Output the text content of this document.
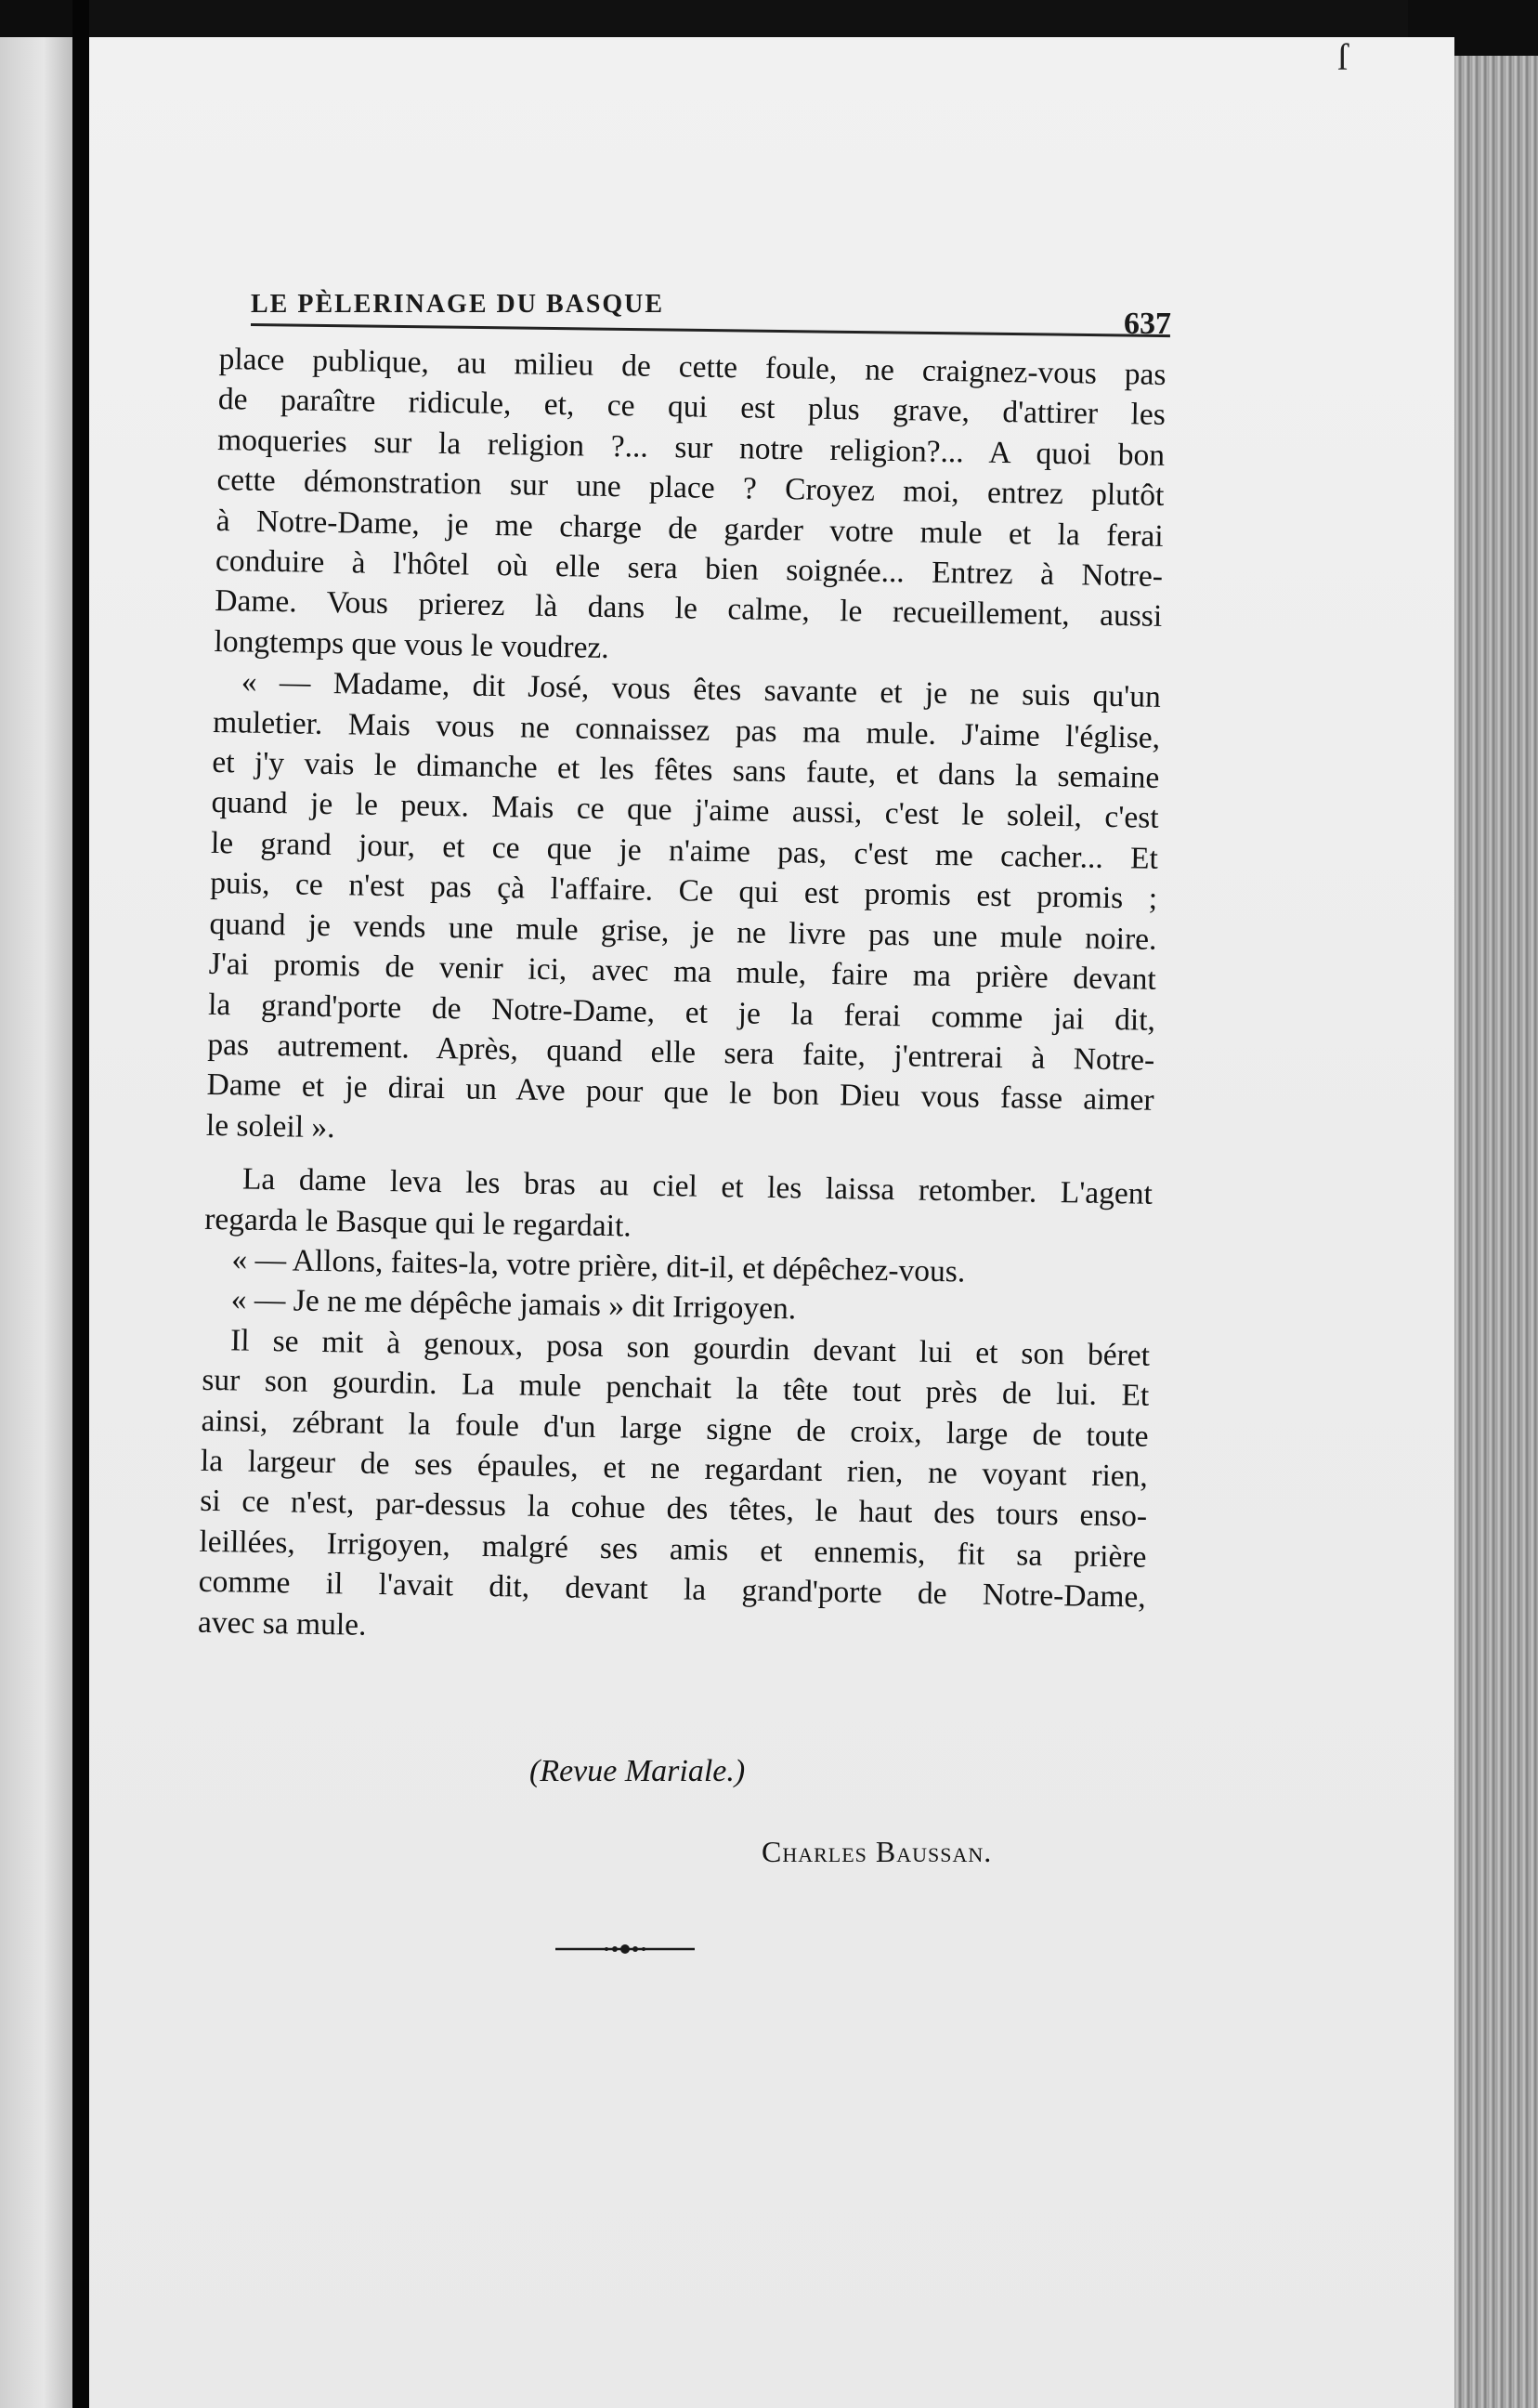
ſ
LE PÈLERINAGE DU BASQUE
637

place publique, au milieu de cette foule, ne craignez-vous pas

de paraître ridicule, et, ce qui est plus grave, d'attirer les

moqueries sur la religion ?... sur notre religion?... A quoi bon

cette démonstration sur une place ? Croyez moi, entrez plutôt

à Notre-Dame, je me charge de garder votre mule et la ferai

conduire à l'hôtel où elle sera bien soignée... Entrez à Notre-

Dame. Vous prierez là dans le calme, le recueillement, aussi

longtemps que vous le voudrez.

« — Madame, dit José, vous êtes savante et je ne suis qu'un

muletier. Mais vous ne connaissez pas ma mule. J'aime l'église,

et j'y vais le dimanche et les fêtes sans faute, et dans la semaine

quand je le peux. Mais ce que j'aime aussi, c'est le soleil, c'est

le grand jour, et ce que je n'aime pas, c'est me cacher... Et

puis, ce n'est pas çà l'affaire. Ce qui est promis est promis ;

quand je vends une mule grise, je ne livre pas une mule noire.

J'ai promis de venir ici, avec ma mule, faire ma prière devant

la grand'porte de Notre-Dame, et je la ferai comme jai dit,

pas autrement. Après, quand elle sera faite, j'entrerai à Notre-

Dame et je dirai un Ave pour que le bon Dieu vous fasse aimer

le soleil ».

La dame leva les bras au ciel et les laissa retomber. L'agent

regarda le Basque qui le regardait.

« — Allons, faites-la, votre prière, dit-il, et dépêchez-vous.

« — Je ne me dépêche jamais » dit Irrigoyen.

Il se mit à genoux, posa son gourdin devant lui et son béret

sur son gourdin. La mule penchait la tête tout près de lui. Et

ainsi, zébrant la foule d'un large signe de croix, large de toute

la largeur de ses épaules, et ne regardant rien, ne voyant rien,

si ce n'est, par-dessus la cohue des têtes, le haut des tours enso-

leillées, Irrigoyen, malgré ses amis et ennemis, fit sa prière

comme il l'avait dit, devant la grand'porte de Notre-Dame,

avec sa mule.

(Revue Mariale.)
Charles Baussan.
